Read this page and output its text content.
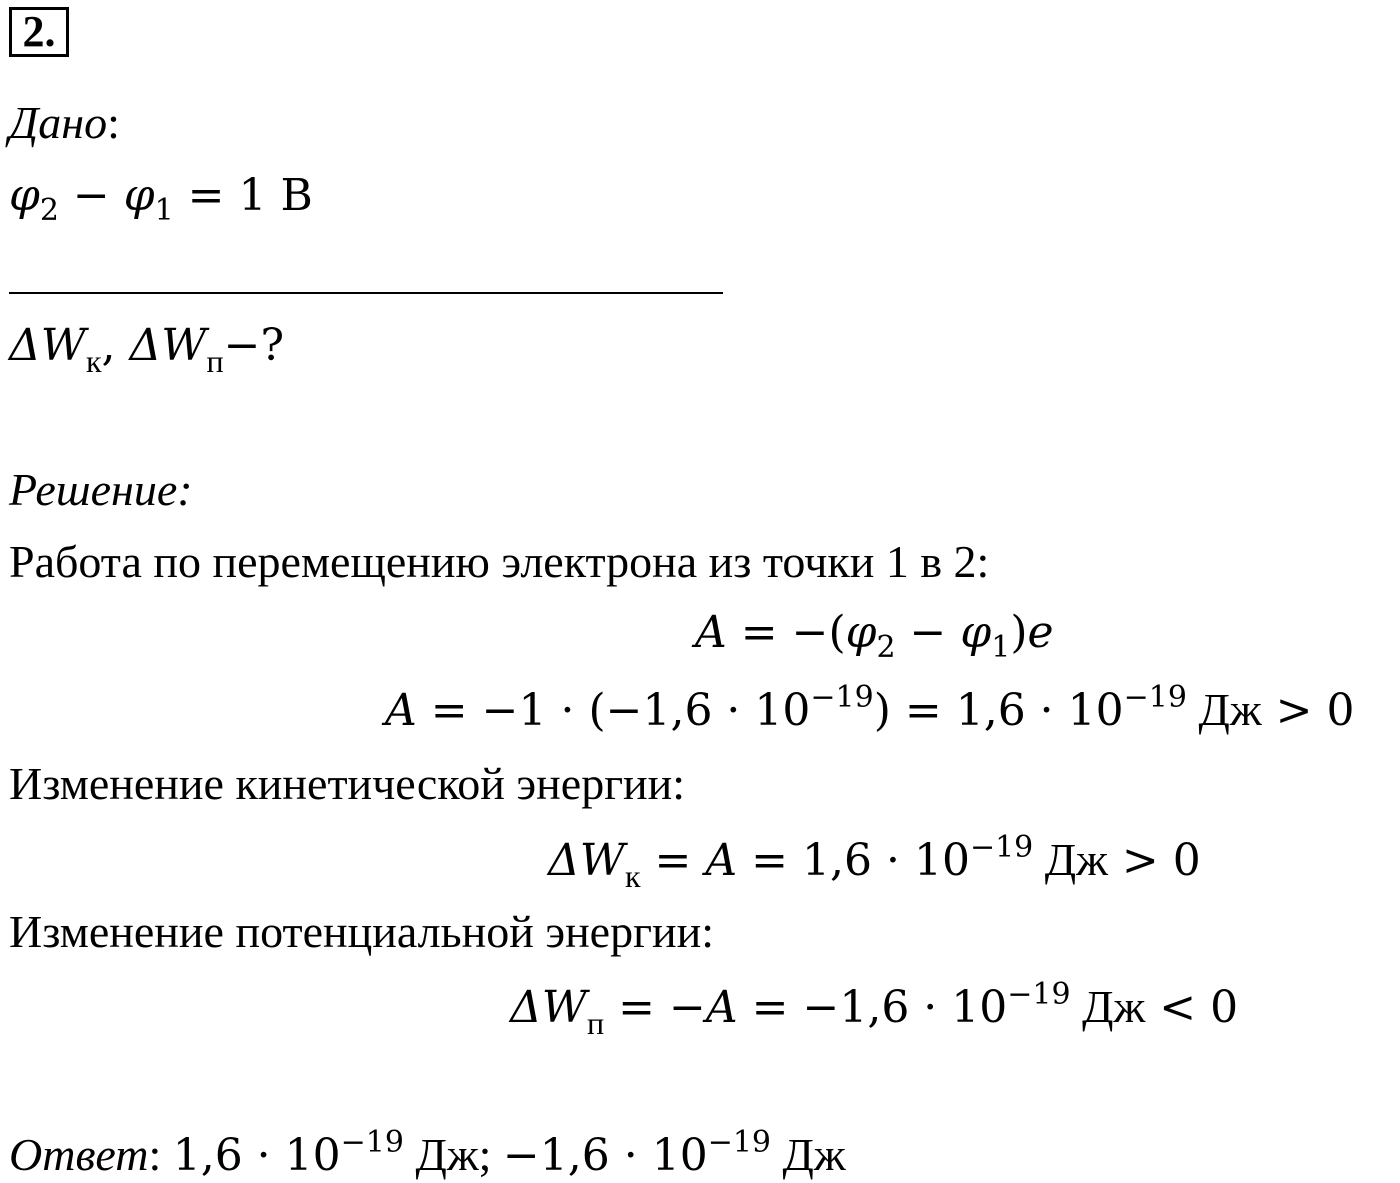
2.
Дано:
$\varphi_2 - \varphi_1 = 1$ В
$\Delta W_к$, $\Delta W_п-$?
Решение:
Работа по перемещению электрона из точки 1 в 2:
$A = -(\varphi_2 - \varphi_1)e$
$A = -1 \cdot (-1,6 \cdot 10^{-19}) = 1,6 \cdot 10^{-19}$ Дж > 0
Изменение кинетической энергии:
$\Delta W_к = A = 1,6 \cdot 10^{-19}$ Дж > 0
Изменение потенциальной энергии:
$\Delta W_п = -A = -1,6 \cdot 10^{-19}$ Дж < 0
Ответ: 1,6 · 10−19 Дж; −1,6 · 10−19 Дж
